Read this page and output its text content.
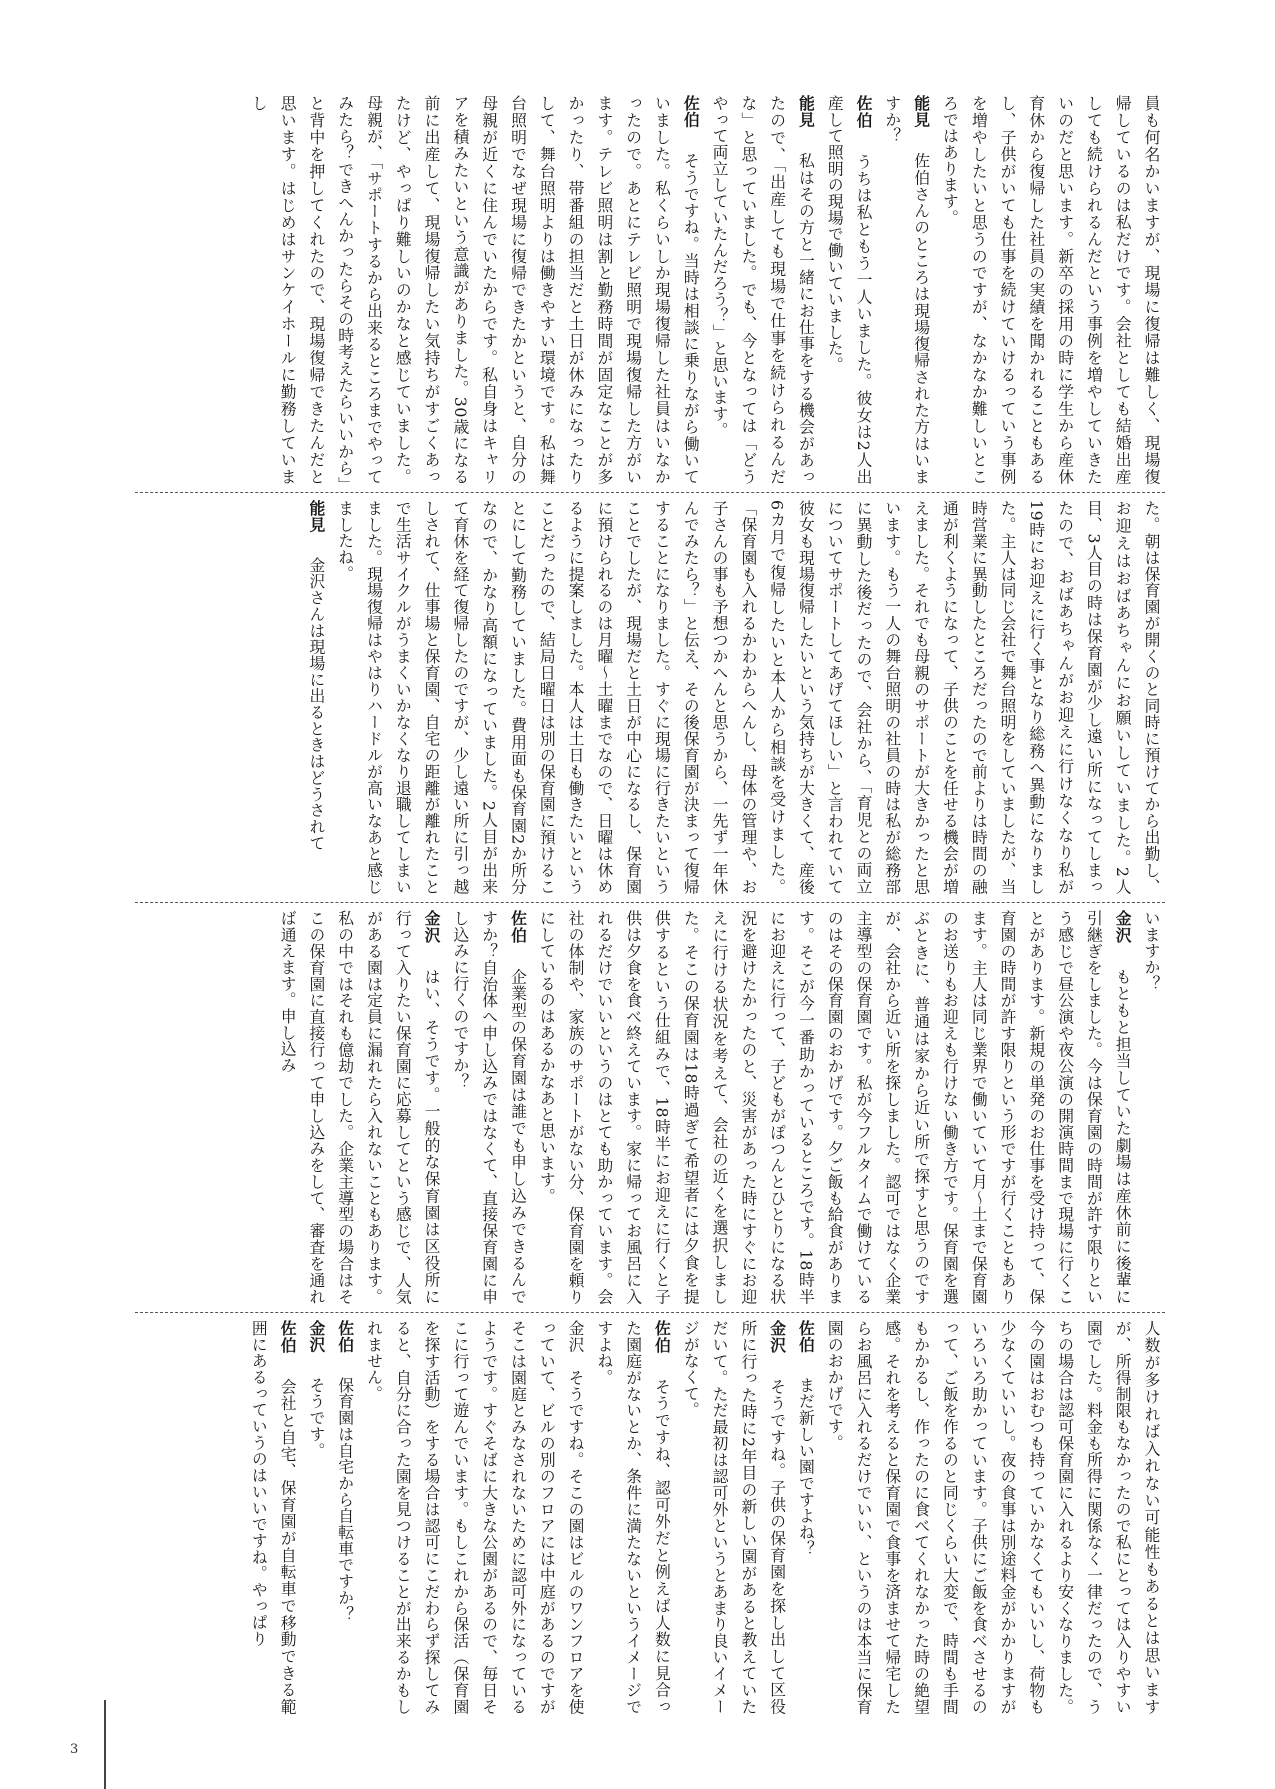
員も何名かいますが、現場に復帰は難しく、現場復帰しているのは私だけです。会社としても結婚出産しても続けられるんだという事例を増やしていきたいのだと思います。新卒の採用の時に学生から産休育休から復帰した社員の実績を聞かれることもあるし、子供がいても仕事を続けていけるっていう事例を増やしたいと思うのですが、なかなか難しいところではあります。

能見　佐伯さんのところは現場復帰された方はいますか？

佐伯　うちは私ともう一人いました。彼女は2人出産して照明の現場で働いていました。

能見　私はその方と一緒にお仕事をする機会があったので、「出産しても現場で仕事を続けられるんだな」と思っていました。でも、今となっては「どうやって両立していたんだろう？」と思います。

佐伯　そうですね。当時は相談に乗りながら働いていました。私くらいしか現場復帰した社員はいなかったので。あとにテレビ照明で現場復帰した方がいます。テレビ照明は割と勤務時間が固定なことが多かったり、帯番組の担当だと土日が休みになったりして、舞台照明よりは働きやすい環境です。私は舞台照明でなぜ現場に復帰できたかというと、自分の母親が近くに住んでいたからです。私自身はキャリアを積みたいという意識がありました。30歳になる前に出産して、現場復帰したい気持ちがすごくあったけど、やっぱり難しいのかなと感じていました。母親が、「サポートするから出来るところまでやってみたら？できへんかったらその時考えたらいいから」と背中を押してくれたので、現場復帰できたんだと思います。はじめはサンケイホールに勤務していまし

た。朝は保育園が開くのと同時に預けてから出勤し、お迎えはおばあちゃんにお願いしていました。2人目、3人目の時は保育園が少し遠い所になってしまったので、おばあちゃんがお迎えに行けなくなり私が19時にお迎えに行く事となり総務へ異動になりました。主人は同じ会社で舞台照明をしていましたが、当時営業に異動したところだったので前よりは時間の融通が利くようになって、子供のことを任せる機会が増えました。それでも母親のサポートが大きかったと思います。もう一人の舞台照明の社員の時は私が総務部に異動した後だったので、会社から、「育児との両立についてサポートしてあげてほしい」と言われていて彼女も現場復帰したいという気持ちが大きくて、産後6カ月で復帰したいと本人から相談を受けました。「保育園も入れるかわからへんし、母体の管理や、お子さんの事も予想つかへんと思うから、一先ず一年休んでみたら？」と伝え、その後保育園が決まって復帰することになりました。すぐに現場に行きたいということでしたが、現場だと土日が中心になるし、保育園に預けられるのは月曜～土曜までなので、日曜は休めるように提案しました。本人は土日も働きたいということだったので、結局日曜日は別の保育園に預けることにして勤務していました。費用面も保育園2か所分なので、かなり高額になっていました。2人目が出来て育休を経て復帰したのですが、少し遠い所に引っ越しされて、仕事場と保育園、自宅の距離が離れたことで生活サイクルがうまくいかなくなり退職してしまいました。現場復帰はやはりハードルが高いなあと感じましたね。

能見　金沢さんは現場に出るときはどうされて

いますか？

金沢　もともと担当していた劇場は産休前に後輩に引継ぎをしました。今は保育園の時間が許す限りという感じで昼公演や夜公演の開演時間まで現場に行くことがあります。新規の単発のお仕事を受け持って、保育園の時間が許す限りという形ですが行くこともあります。主人は同じ業界で働いていて月～土まで保育園のお送りもお迎えも行けない働き方です。保育園を選ぶときに、普通は家から近い所で探すと思うのですが、会社から近い所を探しました。認可ではなく企業主導型の保育園です。私が今フルタイムで働けているのはその保育園のおかげです。夕ご飯も給食があります。そこが今一番助かっているところです。18時半にお迎えに行って、子どもがぽつんとひとりになる状況を避けたかったのと、災害があった時にすぐにお迎えに行ける状況を考えて、会社の近くを選択しました。そこの保育園は18時過ぎて希望者には夕食を提供するという仕組みで、18時半にお迎えに行くと子供は夕食を食べ終えています。家に帰ってお風呂に入れるだけでいいというのはとても助かっています。会社の体制や、家族のサポートがない分、保育園を頼りにしているのはあるかなあと思います。

佐伯　企業型の保育園は誰でも申し込みできるんですか？自治体へ申し込みではなくて、直接保育園に申し込みに行くのですか？

金沢　はい、そうです。一般的な保育園は区役所に行って入りたい保育園に応募してという感じで、人気がある園は定員に漏れたら入れないこともあります。私の中ではそれも億劫でした。企業主導型の場合はそこの保育園に直接行って申し込みをして、審査を通れば通えます。申し込み

人数が多ければ入れない可能性もあるとは思いますが、所得制限もなかったので私にとっては入りやすい園でした。料金も所得に関係なく一律だったので、うちの場合は認可保育園に入れるより安くなりました。今の園はおむつも持っていかなくてもいいし、荷物も少なくていいし。夜の食事は別途料金がかかりますがいろいろ助かっています。子供にご飯を食べさせるのって、ご飯を作るのと同じくらい大変で、時間も手間もかかるし、作ったのに食べてくれなかった時の絶望感。それを考えると保育園で食事を済ませて帰宅したらお風呂に入れるだけでいい、というのは本当に保育園のおかげです。

佐伯　まだ新しい園ですよね？

金沢　そうですね。子供の保育園を探し出して区役所に行った時に2年目の新しい園があると教えていただいて。ただ最初は認可外というとあまり良いイメージがなくて。

佐伯　そうですね、認可外だと例えば人数に見合った園庭がないとか、条件に満たないというイメージですよね。

金沢　そうですね。そこの園はビルのワンフロアを使っていて、ビルの別のフロアには中庭があるのですがそこは園庭とみなされないために認可外になっているようです。すぐそばに大きな公園があるので、毎日そこに行って遊んでいます。もしこれから保活（保育園を探す活動）をする場合は認可にこだわらず探してみると、自分に合った園を見つけることが出来るかもしれません。

佐伯　保育園は自宅から自転車ですか？

金沢　そうです。

佐伯　会社と自宅、保育園が自転車で移動できる範囲にあるっていうのはいいですね。やっぱり

3
